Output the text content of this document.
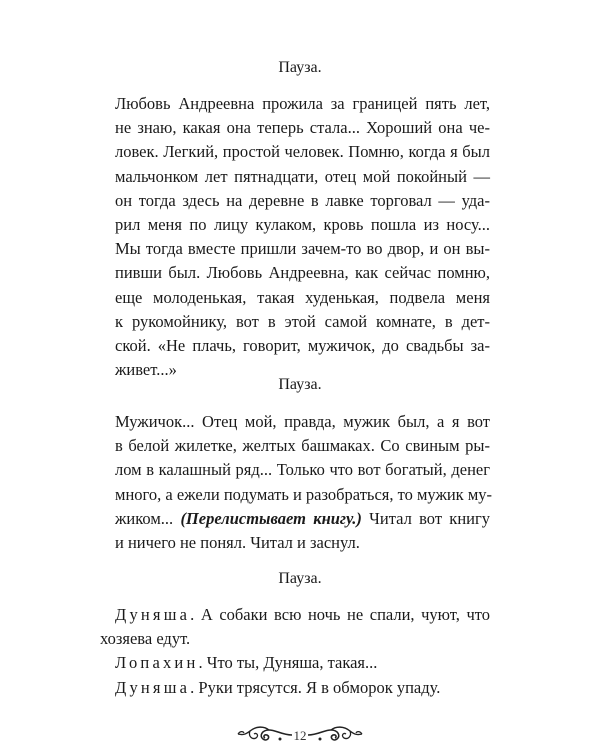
Пауза.
Любовь Андреевна прожила за границей пять лет,
не знаю, какая она теперь стала... Хороший она че-
ловек. Легкий, простой человек. Помню, когда я был
мальчонком лет пятнадцати, отец мой покойный —
он тогда здесь на деревне в лавке торговал — уда-
рил меня по лицу кулаком, кровь пошла из носу...
Мы тогда вместе пришли зачем-то во двор, и он вы-
пивши был. Любовь Андреевна, как сейчас помню,
еще молоденькая, такая худенькая, подвела меня
к рукомойнику, вот в этой самой комнате, в дет-
ской. «Не плачь, говорит, мужичок, до свадьбы за-
живет...»
Пауза.
Мужичок... Отец мой, правда, мужик был, а я вот
в белой жилетке, желтых башмаках. Со свиным ры-
лом в калашный ряд... Только что вот богатый, денег
много, а ежели подумать и разобраться, то мужик му-
жиком... (Перелистывает книгу.) Читал вот книгу
и ничего не понял. Читал и заснул.
Пауза.
Дуняша. А собаки всю ночь не спали, чуют, что
хозяева едут.
Лопахин. Что ты, Дуняша, такая...
Дуняша. Руки трясутся. Я в обморок упаду.
12
